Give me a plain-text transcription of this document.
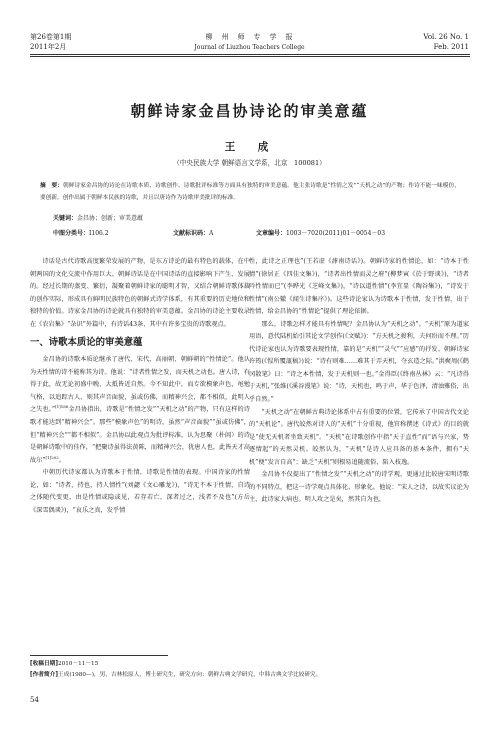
第26卷第1期
2011年2月
柳　州　师　专　学　报
Journal of Liuzhou Teachers College
Vol. 26 No. 1
Feb. 2011
朝鲜诗家金昌协诗论的审美意蕴
王　成
（中央民族大学 朝鲜语言文学系，北京　100081）
摘　要：朝鲜诗家金昌协的诗论在诗歌本质、诗歌创作、诗歌批评标准等方面具有独特的审美意蕴。他主张诗歌是“性情之发”“天机之动”的产物；作诗不能一味模仿，要创新，创作出属于朝鲜本民族的诗歌，并且以唐诗作为诗歌审美批评的标准。
关键词：金昌协；创新；审美意蕴
中图分类号：I106.2	文献标识码：A	文章编号：1003－7020(2011)01－0054－03

诗话是古代诗歌高度繁荣发展的产物，是东方诗论的最有特色的载体，在中朝两国的文化交流中作用巨大。朝鲜诗话是在中国诗话的直接影响下产生、发展的。经过长期的蒸变、繁衍，凝聚着朝鲜诗家的聪明才智，又结合朝鲜诗歌体裁的创作实际，形成具有鲜明民族特色的朝鲜式诗学体系，有其重要的历史地位和独特的价值。诗家金昌协的诗论就具有独特的审美意蕴。金昌协的诗论主要收录在《农岩集》“杂识”外篇中，有诗话43条，其中有许多宝贵的诗歌观点。

一、诗歌本质论的审美意蕴

金昌协的诗歌本质论继承了唐代、宋代、高丽朝、朝鲜朝的“性情论”。他认为天性情的诗不能称其为诗。他说：“诗者性情之发，而天机之动也。唐人诗，有得于此，故无论初盛中晚，大抵皆近自然。今不知此中，而专欲模象声色，黾勉气格，以追踪古人，则其声音面貌，虽或仿佛，而精神兴会，都不相似，此明人之失也。”$^{[1]186}$金昌协指出，诗歌是“性情之发”“天机之动”的产物，只有这样的诗歌才能达到“精神兴会”。那些“模象声色”的明诗，虽然“声音面貌”“虽或仿佛”，但“精神兴会”“都不相似”。金昌协以此观点为批评标准，认为思聚（朴闾）的诗是朝鲜诗歌中的佳作，“把聚诗虽得法黄陈，而精神兴会，犹唐人也，此皆天才高故尔”$^{[1]202}$。

中朝历代诗家都认为诗歌本于性情，诗歌是性情的表现。中国诗家的性情论，如：“诗者，持也，持人情性”(刘勰《文心雕龙》)，“诗无不本于性情，自诗之体随代变更，由是性情或隐或见，若存若亡，深者过之，浅者不及也”(方岳《深雪偶谈》)，“哀乐之真，发乎情

性，此诗之正理也”(王若虚《滹南诗话》)。朝鲜诗家的性情论，如：“诗本于性情”(徐居正《四佳文集》)，“诗者出性情而灵之府”(柳梦寅《於于野谈》)，“诗者吟性情而已”(李晔光《芝峰文集》)，“诗以道性情”(李宜显《陶谷集》)，“诗发于性情”(南公辙《闻生诗集序》)。这些诗论家认为诗歌本于性情，发于性情，出于性情，给金昌协的“性情论”提供了理论依据。

那么，诗歌怎样才能具有性情呢？金昌协认为“天机之动”。“天机”原为道家用语，意代陆机始引其论文学创作(《文赋》)：“方天机之骏利，夫何纷而不理。”历代诗论家也认为诗歌要表现性情，靠的是“天机”“灵气”“应感”的抒发。朝鲜诗家许筠(《惺所覆瓿稿》)说：“诗有则难……难其于弄天机，夺玄造之际。”洪奭周(《鹤冈散笔》曰：“诗之本性情，发于天机则一也。”金得臣(《终南丛林》云：“凡诗得于天机，”张维(《溪谷漫笔》说：“诗，天机也，鸣于声，华于色泽，清浊雅俗，出乎自然。”

“天机之动”在朝鲜古典诗论体系中占有重要的位置，它传承了中国古代文论的“天机论”。唐代皎然对诗人的“天机”十分重视，他官称撰述《诗式》的目的就是“使无天机者坐致天机”。“天机”在诗歌创作中指“天于直性”而“语与兴家，势逐情起”的天然灵机。皎然认为，“天机”是诗人应具备的基本条件，拥有“天机”便“发言自高”；缺乏“天机”则根易追随流俗，陷入枝逸。

金昌协不仅提出了“性情之发”“天机之动”的诗学观，更通过比较唐宋明诗歌的不同特点，把这一诗学观点具体化、形象化。他说：“宋人之诗，以故实议论为主，此诗家大病也。明人攻之是矣，然其自为也，

[收稿日期]2010－11－15
[作者简介]王成(1980—)，男，吉林松原人，博士研究生，研究方向：朝鲜古典文学研究，中韩古典文学比较研究。
54
